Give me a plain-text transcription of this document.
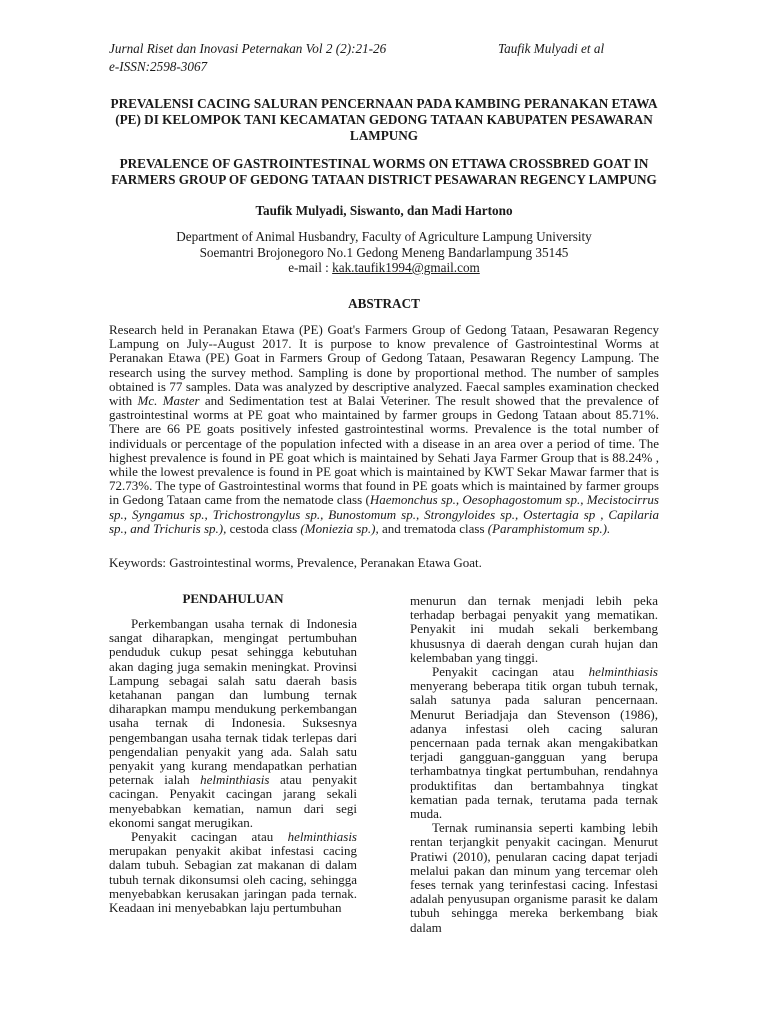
Jurnal Riset dan Inovasi Peternakan Vol 2 (2):21-26	Taufik Mulyadi et al
e-ISSN:2598-3067
PREVALENSI CACING SALURAN PENCERNAAN PADA KAMBING PERANAKAN ETAWA (PE) DI KELOMPOK TANI KECAMATAN GEDONG TATAAN KABUPATEN PESAWARAN LAMPUNG
PREVALENCE OF GASTROINTESTINAL WORMS ON ETTAWA CROSSBRED GOAT IN FARMERS GROUP OF GEDONG TATAAN DISTRICT PESAWARAN REGENCY LAMPUNG
Taufik Mulyadi, Siswanto, dan Madi Hartono
Department of Animal Husbandry, Faculty of Agriculture Lampung University
Soemantri Brojonegoro No.1 Gedong Meneng Bandarlampung 35145
e-mail : kak.taufik1994@gmail.com
ABSTRACT
Research held in Peranakan Etawa (PE) Goat's Farmers Group of Gedong Tataan, Pesawaran Regency Lampung on July--August 2017. It is purpose to know prevalence of Gastrointestinal Worms at Peranakan Etawa (PE) Goat in Farmers Group of Gedong Tataan, Pesawaran Regency Lampung. The research using the survey method. Sampling is done by proportional method. The number of samples obtained is 77 samples. Data was analyzed by descriptive analyzed. Faecal samples examination checked with Mc. Master and Sedimentation test at Balai Veteriner. The result showed that the prevalence of gastrointestinal worms at PE goat who maintained by farmer groups in Gedong Tataan about 85.71%. There are 66 PE goats positively infested gastrointestinal worms. Prevalence is the total number of individuals or percentage of the population infected with a disease in an area over a period of time. The highest prevalence is found in PE goat which is maintained by Sehati Jaya Farmer Group that is 88.24% , while the lowest prevalence is found in PE goat which is maintained by KWT Sekar Mawar farmer that is 72.73%. The type of Gastrointestinal worms that found in PE goats which is maintained by farmer groups in Gedong Tataan came from the nematode class (Haemonchus sp., Oesophagostomum sp., Mecistocirrus sp., Syngamus sp., Trichostrongylus sp., Bunostomum sp., Strongyloides sp., Ostertagia sp , Capilaria sp., and Trichuris sp.), cestoda class (Moniezia sp.), and trematoda class (Paramphistomum sp.).
Keywords: Gastrointestinal worms, Prevalence, Peranakan Etawa Goat.
PENDAHULUAN

Perkembangan usaha ternak di Indonesia sangat diharapkan, mengingat pertumbuhan penduduk cukup pesat sehingga kebutuhan akan daging juga semakin meningkat. Provinsi Lampung sebagai salah satu daerah basis ketahanan pangan dan lumbung ternak diharapkan mampu mendukung perkembangan usaha ternak di Indonesia. Suksesnya pengembangan usaha ternak tidak terlepas dari pengendalian penyakit yang ada. Salah satu penyakit yang kurang mendapatkan perhatian peternak ialah helminthiasis atau penyakit cacingan. Penyakit cacingan jarang sekali menyebabkan kematian, namun dari segi ekonomi sangat merugikan.

Penyakit cacingan atau helminthiasis merupakan penyakit akibat infestasi cacing dalam tubuh. Sebagian zat makanan di dalam tubuh ternak dikonsumsi oleh cacing, sehingga menyebabkan kerusakan jaringan pada ternak. Keadaan ini menyebabkan laju pertumbuhan

menurun dan ternak menjadi lebih peka terhadap berbagai penyakit yang mematikan. Penyakit ini mudah sekali berkembang khususnya di daerah dengan curah hujan dan kelembaban yang tinggi.

Penyakit cacingan atau helminthiasis menyerang beberapa titik organ tubuh ternak, salah satunya pada saluran pencernaan. Menurut Beriadjaja dan Stevenson (1986), adanya infestasi oleh cacing saluran pencernaan pada ternak akan mengakibatkan terjadi gangguan-gangguan yang berupa terhambatnya tingkat pertumbuhan, rendahnya produktifitas dan bertambahnya tingkat kematian pada ternak, terutama pada ternak muda.

Ternak ruminansia seperti kambing lebih rentan terjangkit penyakit cacingan. Menurut Pratiwi (2010), penularan cacing dapat terjadi melalui pakan dan minum yang tercemar oleh feses ternak yang terinfestasi cacing. Infestasi adalah penyusupan organisme parasit ke dalam tubuh sehingga mereka berkembang biak dalam
